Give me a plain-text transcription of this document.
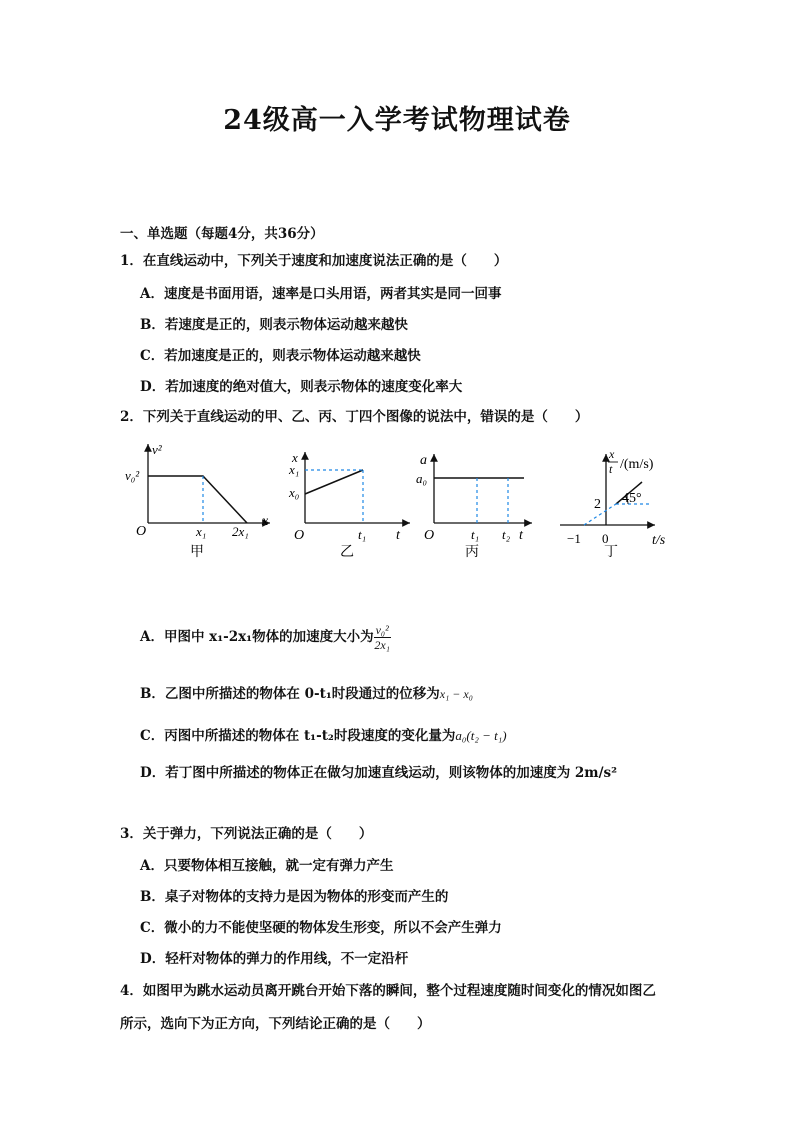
24级高一入学考试物理试卷
一、单选题（每题4分，共36分）
1．在直线运动中，下列关于速度和加速度说法正确的是（　　）
A．速度是书面用语，速率是口头用语，两者其实是同一回事
B．若速度是正的，则表示物体运动越来越快
C．若加速度是正的，则表示物体运动越来越快
D．若加速度的绝对值大，则表示物体的速度变化率大
2．下列关于直线运动的甲、乙、丙、丁四个图像的说法中，错误的是（　　）
v²
v₀²
x
O	x₁ 2x₁
甲
x
x₁
x₀
t
O	t₁
乙
a
a₀
t
O	t₁ t₂
丙
x
t /(m/s)
2 45°
−1 0	t/s
丁
A．甲图中 x₁-2x₁物体的加速度大小为 $\frac{\text{v₀²}}{\text{2x₁}}$
B．乙图中所描述的物体在 0-t₁时段通过的位移为x₁ − x₀
C．丙图中所描述的物体在 t₁-t₂时段速度的变化量为a₀(t₂ − t₁)
D．若丁图中所描述的物体正在做匀加速直线运动，则该物体的加速度为 2m/s²
3．关于弹力，下列说法正确的是（　　）
A．只要物体相互接触，就一定有弹力产生
B．桌子对物体的支持力是因为物体的形变而产生的
C．微小的力不能使坚硬的物体发生形变，所以不会产生弹力
D．轻杆对物体的弹力的作用线，不一定沿杆
4．如图甲为跳水运动员离开跳台开始下落的瞬间，整个过程速度随时间变化的情况如图乙
所示，选向下为正方向，下列结论正确的是（　　）
